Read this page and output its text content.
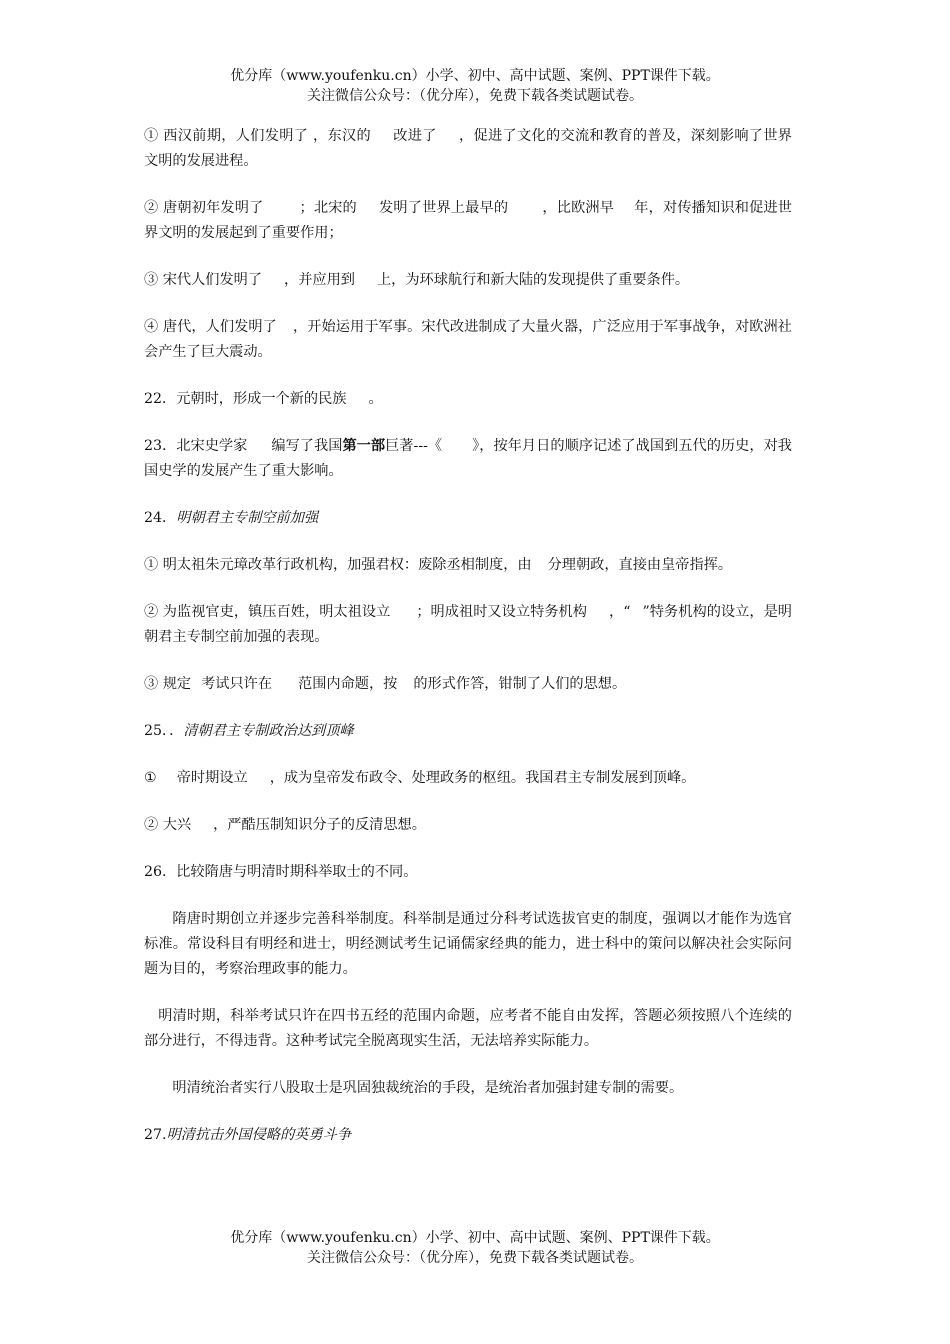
优分库（www.youfenku.cn）小学、初中、高中试题、案例、PPT课件下载。
关注微信公众号：（优分库），免费下载各类试题试卷。

① 西汉前期，人们发明了 ，东汉的 改进了 ，促进了文化的交流和教育的普及，深刻影响了世界文明的发展进程。

② 唐朝初年发明了	；北宋的 发明了世界上最早的 ，比欧洲早 年，对传播知识和促进世界文明的发展起到了重要作用；

③ 宋代人们发明了 ，并应用到 上，为环球航行和新大陆的发现提供了重要条件。

④ 唐代，人们发明了 ，开始运用于军事。宋代改进制成了大量火器，广泛应用于军事战争，对欧洲社会产生了巨大震动。

22．元朝时，形成一个新的民族 。

23．北宋史学家 编写了我国第一部巨著---《 》，按年月日的顺序记述了战国到五代的历史，对我国史学的发展产生了重大影响。

24．明朝君主专制空前加强

① 明太祖朱元璋改革行政机构，加强君权：废除丞相制度，由 分理朝政，直接由皇帝指挥。

② 为监视官吏，镇压百姓，明太祖设立 ；明成祖时又设立特务机构 ，“ ”特务机构的设立，是明朝君主专制空前加强的表现。

③ 规定 考试只许在 范围内命题，按 的形式作答，钳制了人们的思想。

25．．清朝君主专制政治达到顶峰

① 帝时期设立 ，成为皇帝发布政令、处理政务的枢纽。我国君主专制发展到顶峰。

② 大兴 ，严酷压制知识分子的反清思想。

26．比较隋唐与明清时期科举取士的不同。

隋唐时期创立并逐步完善科举制度。科举制是通过分科考试选拔官吏的制度，强调以才能作为选官标准。常设科目有明经和进士，明经测试考生记诵儒家经典的能力，进士科中的策问以解决社会实际问题为目的，考察治理政事的能力。

明清时期，科举考试只许在四书五经的范围内命题，应考者不能自由发挥，答题必须按照八个连续的部分进行，不得违背。这种考试完全脱离现实生活，无法培养实际能力。

明清统治者实行八股取士是巩固独裁统治的手段，是统治者加强封建专制的需要。

27.明清抗击外国侵略的英勇斗争

优分库（www.youfenku.cn）小学、初中、高中试题、案例、PPT课件下载。
关注微信公众号：（优分库），免费下载各类试题试卷。
